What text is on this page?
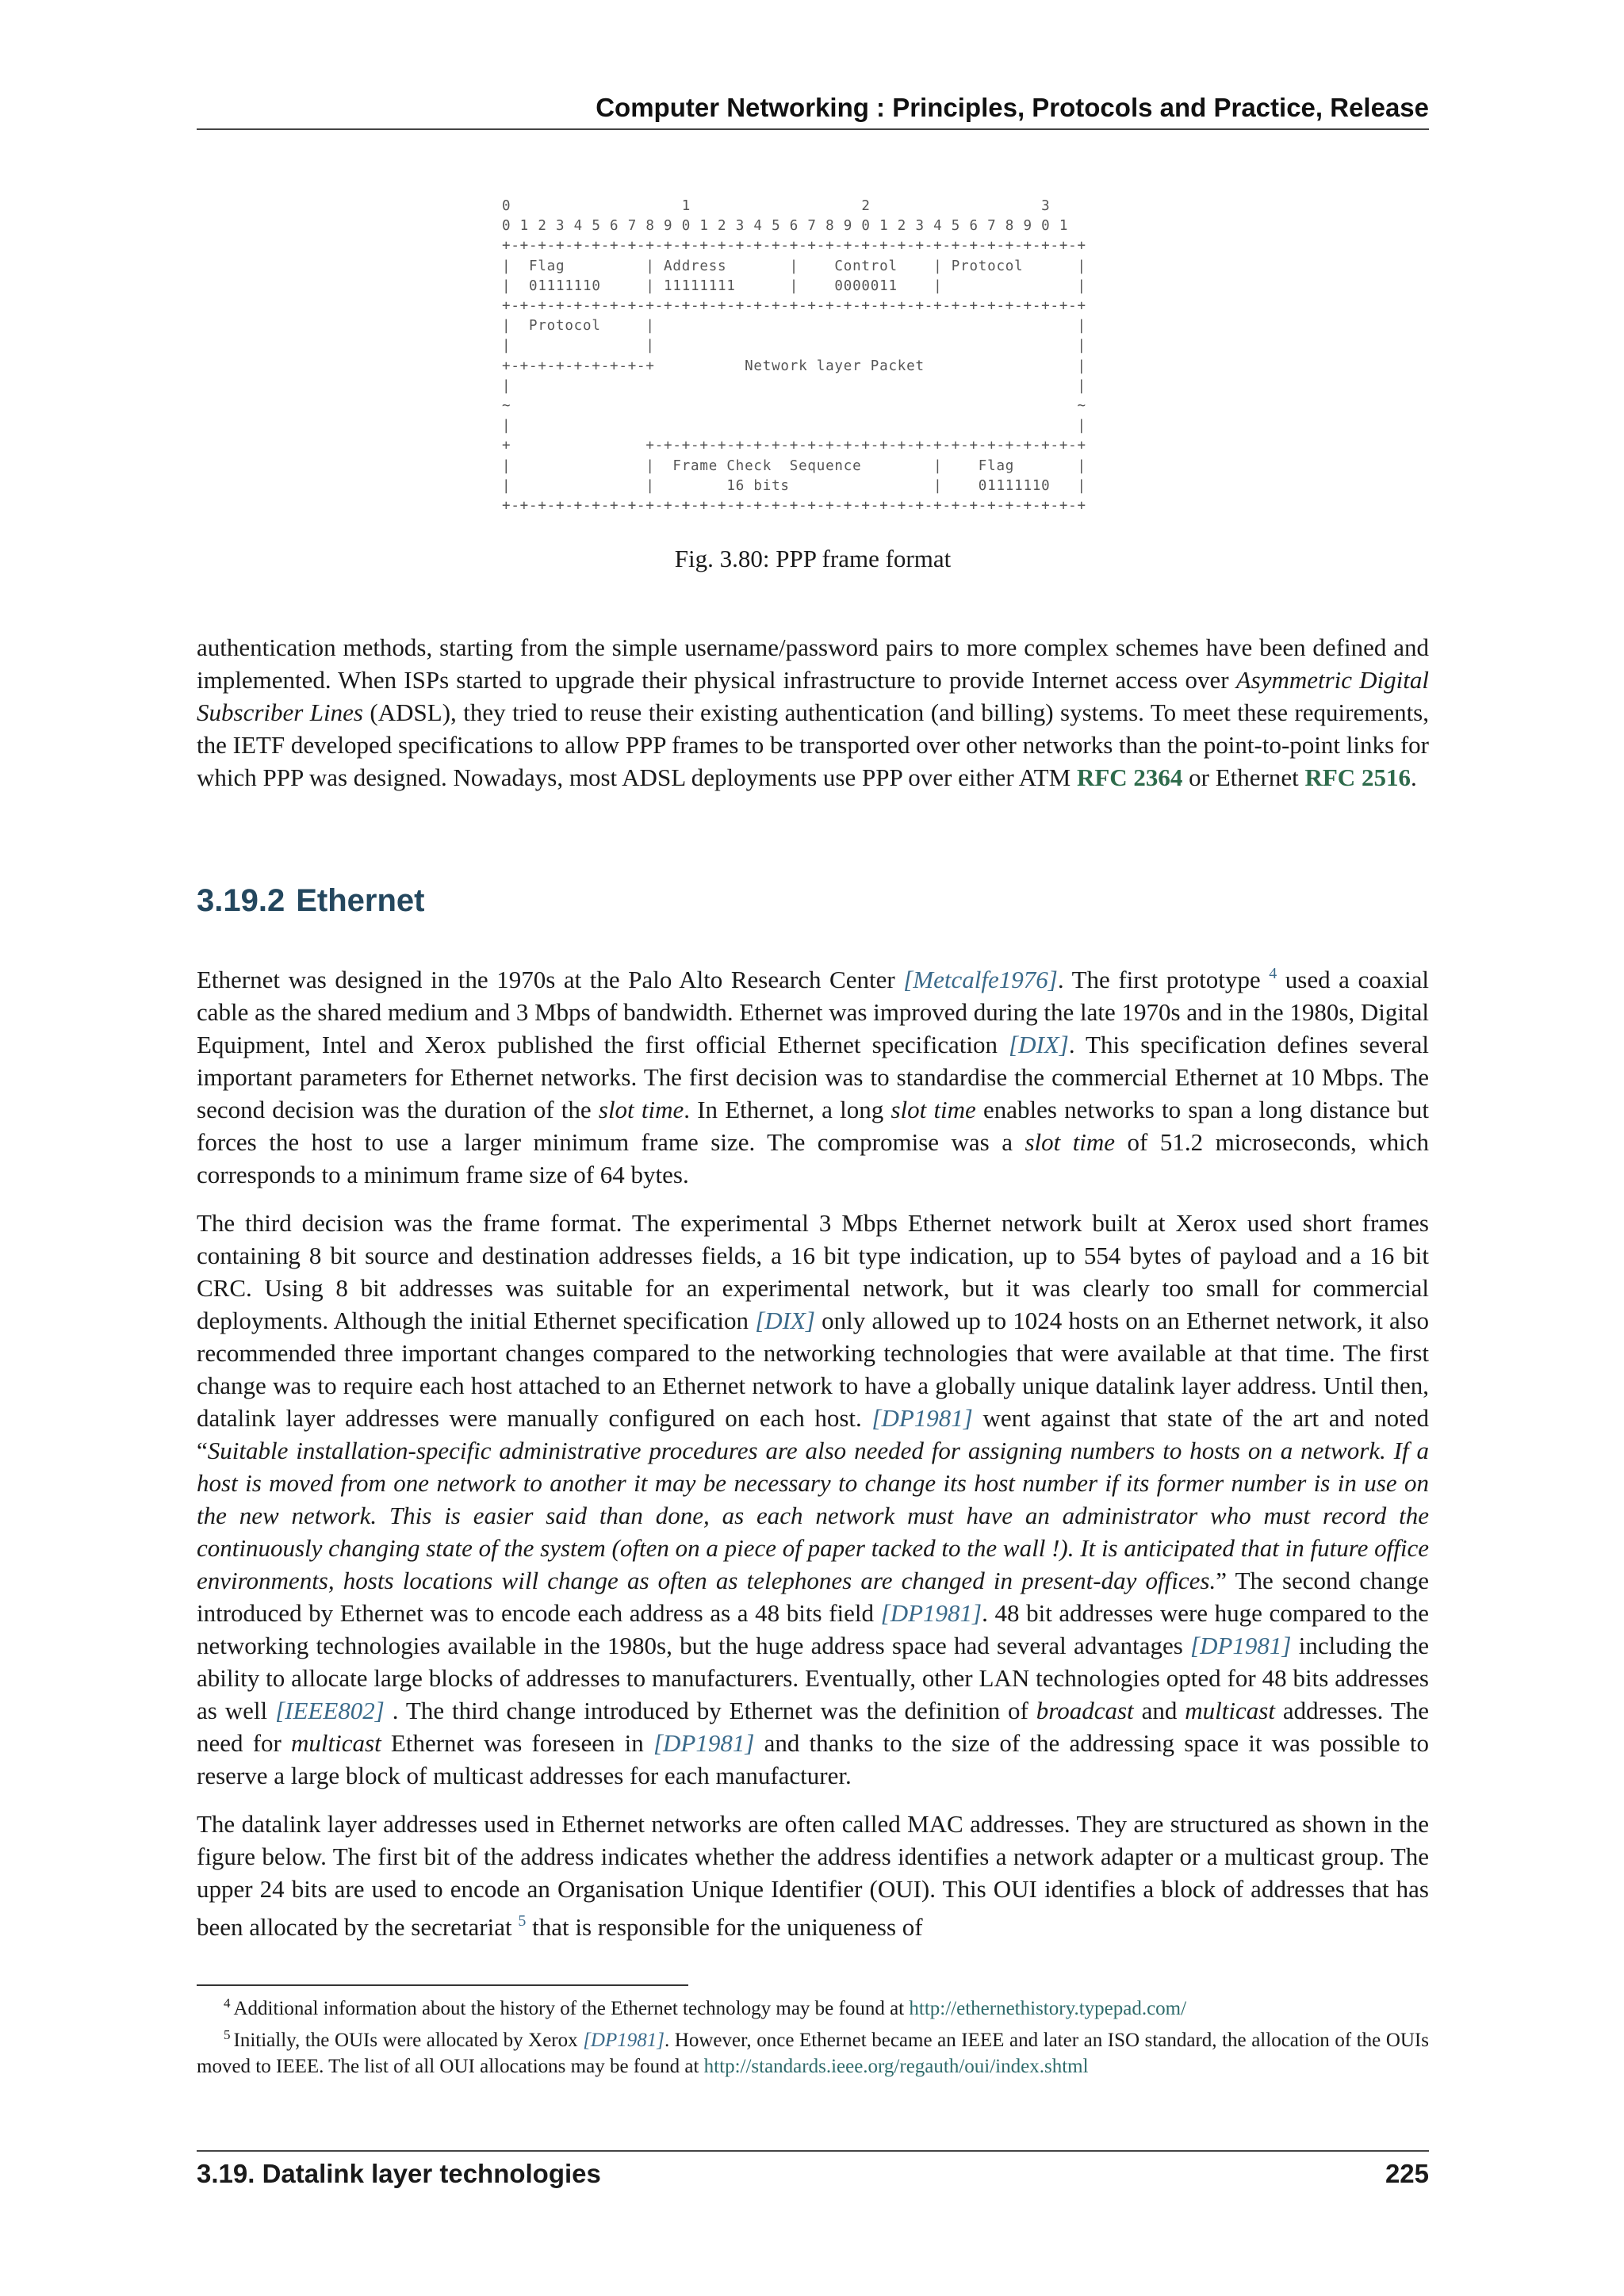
Computer Networking : Principles, Protocols and Practice, Release
0                   1                   2                   3
0 1 2 3 4 5 6 7 8 9 0 1 2 3 4 5 6 7 8 9 0 1 2 3 4 5 6 7 8 9 0 1
+-+-+-+-+-+-+-+-+-+-+-+-+-+-+-+-+-+-+-+-+-+-+-+-+-+-+-+-+-+-+-+-+
|  Flag         | Address       |    Control    | Protocol      |
|  01111110     | 11111111      |    0000011    |               |
+-+-+-+-+-+-+-+-+-+-+-+-+-+-+-+-+-+-+-+-+-+-+-+-+-+-+-+-+-+-+-+-+
|  Protocol     |                                               |
|               |                                               |
+-+-+-+-+-+-+-+-+          Network layer Packet                 |
|                                                               |
~                                                               ~
|                                                               |
+               +-+-+-+-+-+-+-+-+-+-+-+-+-+-+-+-+-+-+-+-+-+-+-+-+
|               |  Frame Check  Sequence        |    Flag       |
|               |        16 bits                |    01111110   |
+-+-+-+-+-+-+-+-+-+-+-+-+-+-+-+-+-+-+-+-+-+-+-+-+-+-+-+-+-+-+-+-+
Fig. 3.80: PPP frame format

authentication methods, starting from the simple username/password pairs to more complex schemes have been defined and implemented. When ISPs started to upgrade their physical infrastructure to provide Internet access over Asymmetric Digital Subscriber Lines (ADSL), they tried to reuse their existing authentication (and billing) systems. To meet these requirements, the IETF developed specifications to allow PPP frames to be transported over other networks than the point-to-point links for which PPP was designed. Nowadays, most ADSL deployments use PPP over either ATM RFC 2364 or Ethernet RFC 2516.

3.19.2 Ethernet

Ethernet was designed in the 1970s at the Palo Alto Research Center [Metcalfe1976]. The first prototype $^4$ used a coaxial cable as the shared medium and 3 Mbps of bandwidth. Ethernet was improved during the late 1970s and in the 1980s, Digital Equipment, Intel and Xerox published the first official Ethernet specification [DIX]. This specification defines several important parameters for Ethernet networks. The first decision was to standardise the commercial Ethernet at 10 Mbps. The second decision was the duration of the slot time. In Ethernet, a long slot time enables networks to span a long distance but forces the host to use a larger minimum frame size. The compromise was a slot time of 51.2 microseconds, which corresponds to a minimum frame size of 64 bytes.

The third decision was the frame format. The experimental 3 Mbps Ethernet network built at Xerox used short frames containing 8 bit source and destination addresses fields, a 16 bit type indication, up to 554 bytes of payload and a 16 bit CRC. Using 8 bit addresses was suitable for an experimental network, but it was clearly too small for commercial deployments. Although the initial Ethernet specification [DIX] only allowed up to 1024 hosts on an Ethernet network, it also recommended three important changes compared to the networking technologies that were available at that time. The first change was to require each host attached to an Ethernet network to have a globally unique datalink layer address. Until then, datalink layer addresses were manually configured on each host. [DP1981] went against that state of the art and noted “Suitable installation-specific administrative procedures are also needed for assigning numbers to hosts on a network. If a host is moved from one network to another it may be necessary to change its host number if its former number is in use on the new network. This is easier said than done, as each network must have an administrator who must record the continuously changing state of the system (often on a piece of paper tacked to the wall !). It is anticipated that in future office environments, hosts locations will change as often as telephones are changed in present-day offices.” The second change introduced by Ethernet was to encode each address as a 48 bits field [DP1981]. 48 bit addresses were huge compared to the networking technologies available in the 1980s, but the huge address space had several advantages [DP1981] including the ability to allocate large blocks of addresses to manufacturers. Eventually, other LAN technologies opted for 48 bits addresses as well [IEEE802] . The third change introduced by Ethernet was the definition of broadcast and multicast addresses. The need for multicast Ethernet was foreseen in [DP1981] and thanks to the size of the addressing space it was possible to reserve a large block of multicast addresses for each manufacturer.

The datalink layer addresses used in Ethernet networks are often called MAC addresses. They are structured as shown in the figure below. The first bit of the address indicates whether the address identifies a network adapter or a multicast group. The upper 24 bits are used to encode an Organisation Unique Identifier (OUI). This OUI identifies a block of addresses that has been allocated by the secretariat $^5$ that is responsible for the uniqueness of

$^4$ Additional information about the history of the Ethernet technology may be found at http://ethernethistory.typepad.com/

$^5$ Initially, the OUIs were allocated by Xerox [DP1981]. However, once Ethernet became an IEEE and later an ISO standard, the allocation of the OUIs moved to IEEE. The list of all OUI allocations may be found at http://standards.ieee.org/regauth/oui/index.shtml

3.19. Datalink layer technologies	225
